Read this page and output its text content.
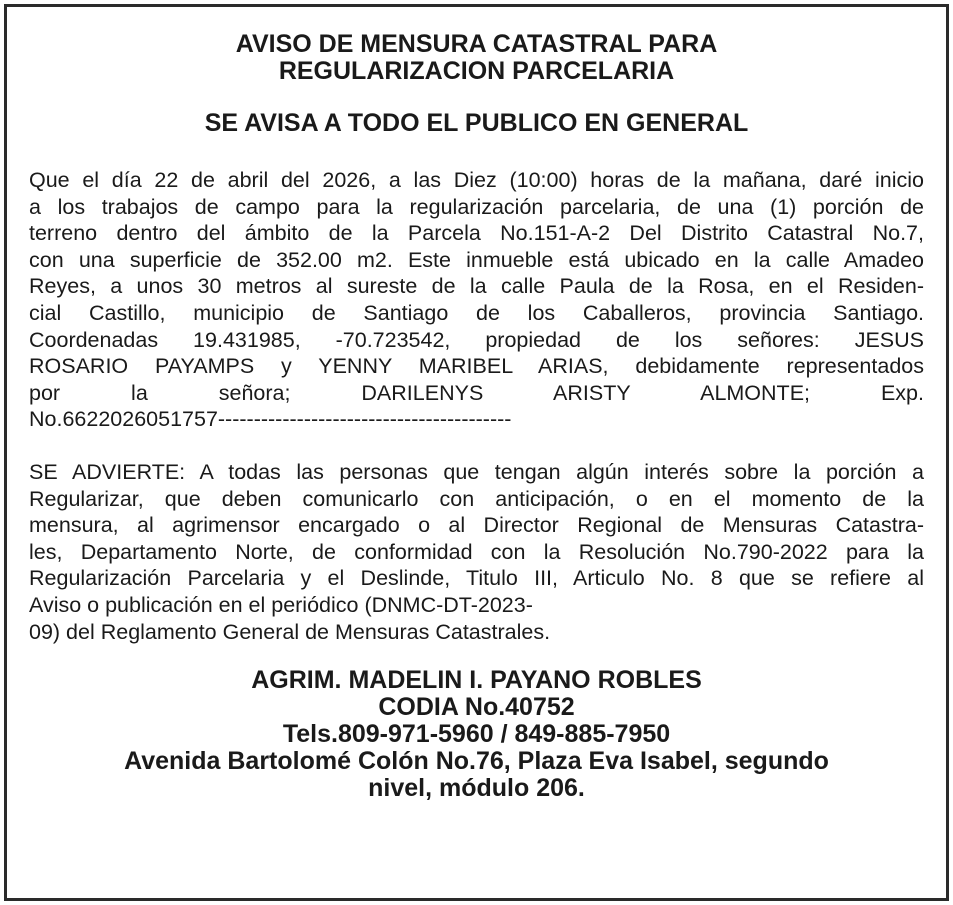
AVISO DE MENSURA CATASTRAL PARA
REGULARIZACION PARCELARIA
SE AVISA A TODO EL PUBLICO EN GENERAL
Que el día 22 de abril del 2026, a las Diez (10:00) horas de la mañana, daré inicio
a los trabajos de campo para la regularización parcelaria, de una (1) porción de
terreno dentro del ámbito de la Parcela No.151-A-2 Del Distrito Catastral No.7,
con una superficie de 352.00 m2. Este inmueble está ubicado en la calle Amadeo
Reyes, a unos 30 metros al sureste de la calle Paula de la Rosa, en el Residen-
cial Castillo, municipio de Santiago de los Caballeros, provincia Santiago.
Coordenadas 19.431985, -70.723542, propiedad de los señores: JESUS
ROSARIO PAYAMPS y YENNY MARIBEL ARIAS, debidamente representados
por la señora; DARILENYS ARISTY ALMONTE; Exp.
No.6622026051757-----------------------------------------
SE ADVIERTE: A todas las personas que tengan algún interés sobre la porción a
Regularizar, que deben comunicarlo con anticipación, o en el momento de la
mensura, al agrimensor encargado o al Director Regional de Mensuras Catastra-
les, Departamento Norte, de conformidad con la Resolución No.790-2022 para la
Regularización Parcelaria y el Deslinde, Titulo III, Articulo No. 8 que se refiere al
Aviso o publicación en el periódico (DNMC-DT-2023-
09) del Reglamento General de Mensuras Catastrales.
AGRIM. MADELIN I. PAYANO ROBLES
CODIA No.40752
Tels.809-971-5960 / 849-885-7950
Avenida Bartolomé Colón No.76, Plaza Eva Isabel, segundo
nivel, módulo 206.
